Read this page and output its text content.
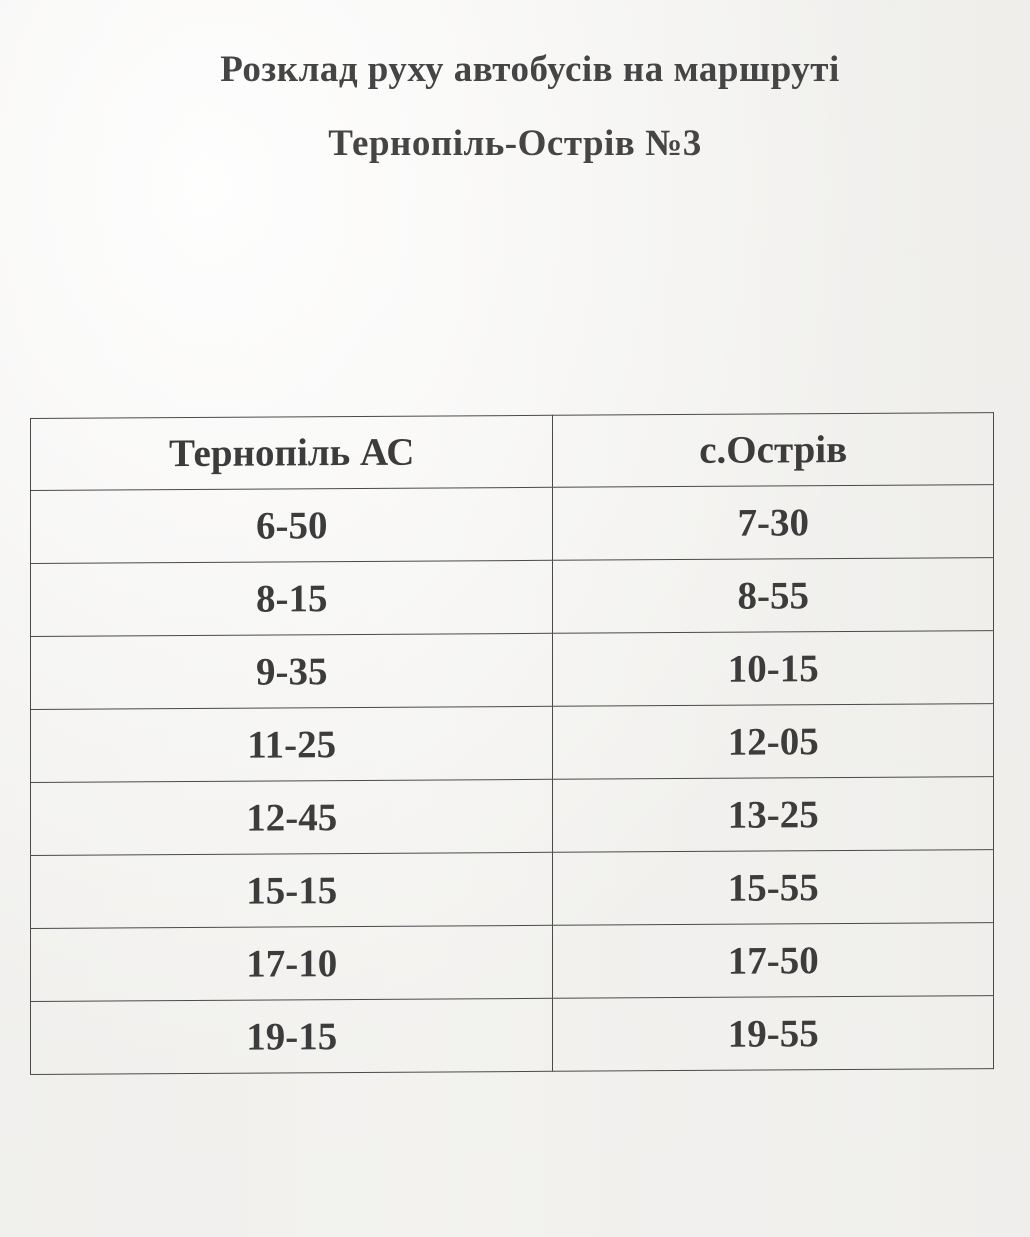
Розклад руху автобусів на маршруті
Тернопіль-Острів №3
Тернопіль АС	с.Острів
6-50	7-30
8-15	8-55
9-35	10-15
11-25	12-05
12-45	13-25
15-15	15-55
17-10	17-50
19-15	19-55
